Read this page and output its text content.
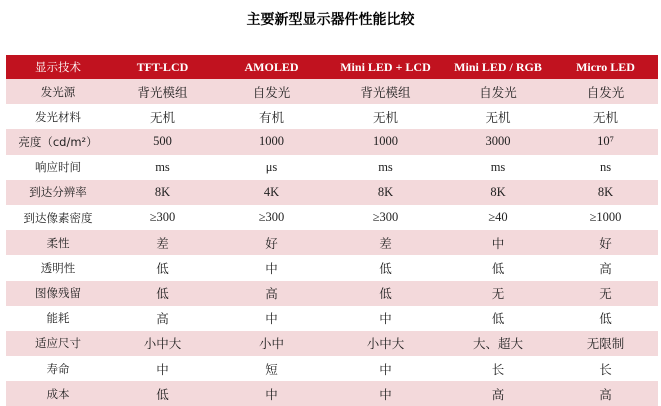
主要新型显示器件性能比较
显示技术	TFT-LCD	AMOLED	Mini LED + LCD	Mini LED / RGB	Micro LED
发光源	背光模组	自发光	背光模组	自发光	自发光
发光材料	无机	有机	无机	无机	无机
亮度（cd/m²）	500	1000	1000	3000	10⁷
响应时间	ms	μs	ms	ms	ns
到达分辨率	8K	4K	8K	8K	8K
到达像素密度	≥300	≥300	≥300	≥40	≥1000
柔性	差	好	差	中	好
透明性	低	中	低	低	高
图像残留	低	高	低	无	无
能耗	高	中	中	低	低
适应尺寸	小中大	小中	小中大	大、超大	无限制
寿命	中	短	中	长	长
成本	低	中	中	高	高
